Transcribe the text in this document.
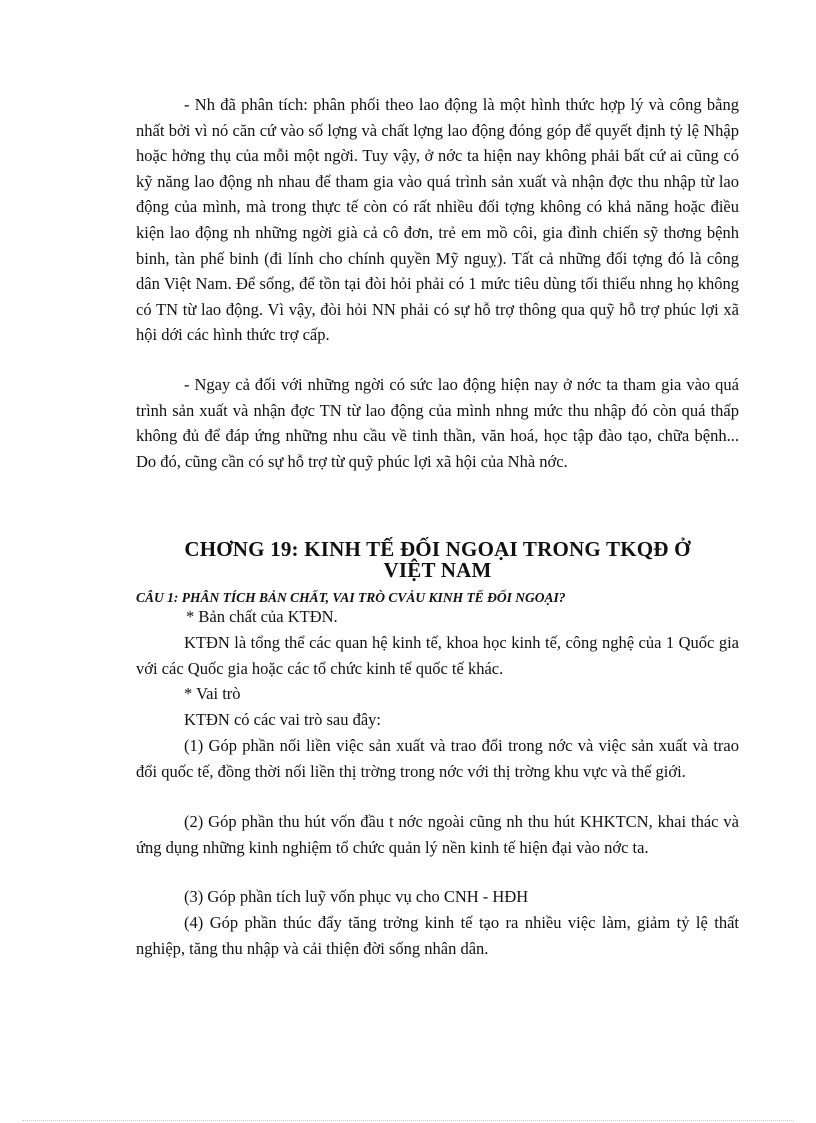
- Nh đã phân tích: phân phối theo lao động là một hình thức hợp lý và công bằng nhất bởi vì nó căn cứ vào số lợng và chất lợng lao động đóng góp để quyết định tỷ lệ Nhập hoặc hởng thụ của mỗi một ngời. Tuy vậy, ở nớc ta hiện nay không phải bất cứ ai cũng có kỹ năng lao động nh nhau để tham gia vào quá trình sản xuất và nhận đợc thu nhập từ lao động của mình, mà trong thực tế còn có rất nhiều đối tợng không có khả năng hoặc điều kiện lao động nh những ngời già cả cô đơn, trẻ em mồ côi, gia đình chiến sỹ thơng bệnh binh, tàn phế binh (đi lính cho chính quyền Mỹ nguỵ). Tất cả những đối tợng đó là công dân Việt Nam. Để sống, để tồn tại đòi hỏi phải có 1 mức tiêu dùng tối thiểu nhng họ không có TN từ lao động. Vì vậy, đòi hỏi NN phải có sự hỗ trợ thông qua quỹ hỗ trợ phúc lợi xã hội dới các hình thức trợ cấp.

- Ngay cả đối với những ngời có sức lao động hiện nay ở nớc ta tham gia vào quá trình sản xuất và nhận đợc TN từ lao động của mình nhng mức thu nhập đó còn quá thấp không đủ để đáp ứng những nhu cầu về tinh thần, văn hoá, học tập đào tạo, chữa bệnh... Do đó, cũng cần có sự hỗ trợ từ quỹ phúc lợi xã hội của Nhà nớc.

CHƠNG 19: KINH TẾ ĐỐI NGOẠI TRONG TKQĐ Ở
VIỆT NAM
CÂU 1: PHÂN TÍCH BẢN CHẤT, VAI TRÒ CVẢU KINH TẾ ĐỐI NGOẠI?

* Bản chất của KTĐN.

KTĐN là tổng thể các quan hệ kinh tế, khoa học kinh tế, công nghệ của 1 Quốc gia với các Quốc gia hoặc các tổ chức kinh tế quốc tế khác.

* Vai trò

KTĐN có các vai trò sau đây:

(1) Góp phần nối liền việc sản xuất và trao đổi trong nớc và việc sản xuất và trao đổi quốc tế, đồng thời nối liền thị trờng trong nớc với thị trờng khu vực và thế giới.

(2) Góp phần thu hút vốn đầu t nớc ngoài cũng nh thu hút KHKTCN, khai thác và ứng dụng những kinh nghiệm tổ chức quản lý nền kinh tế hiện đại vào nớc ta.

(3) Góp phần tích luỹ vốn phục vụ cho CNH - HĐH

(4) Góp phần thúc đẩy tăng trởng kinh tế tạo ra nhiều việc làm, giảm tỷ lệ thất nghiệp, tăng thu nhập và cải thiện đời sống nhân dân.
